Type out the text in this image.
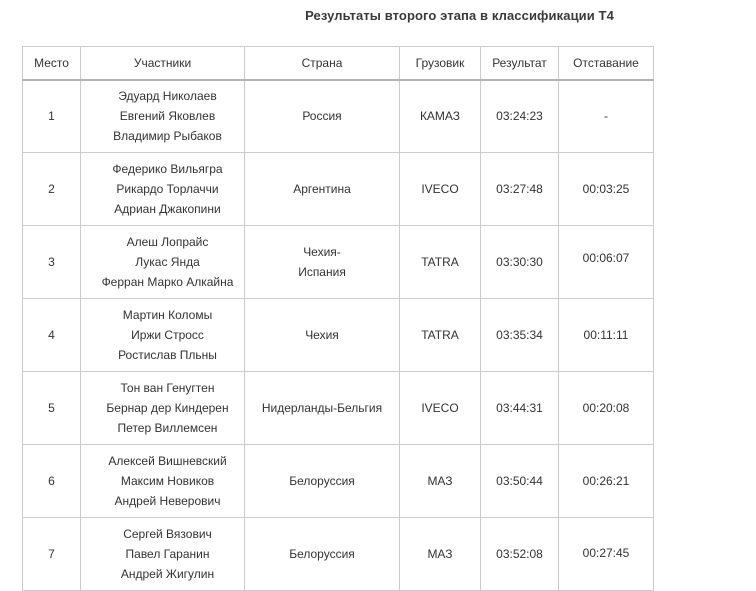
Результаты второго этапа в классификации Т4
Место	Участники	Страна	Грузовик	Результат	Отставание
1	Эдуард Николаев
Евгений Яковлев
Владимир Рыбаков	Россия	КАМАЗ	03:24:23	-
2	Федерико Вильягра
Рикардо Торлаччи
Адриан Джакопини	Аргентина	IVECO	03:27:48	00:03:25
3	Алеш Лопрайс
Лукас Янда
Ферран Марко Алкайна	Чехия-
Испания	TATRA	03:30:30	00:06:07
4	Мартин Коломы
Иржи Стросс
Ростислав Пльны	Чехия	TATRA	03:35:34	00:11:11
5	Тон ван Генугтен
Бернар дер Киндерен
Петер Виллемсен	Нидерланды-Бельгия	IVECO	03:44:31	00:20:08
6	Алексей Вишневский
Максим Новиков
Андрей Неверович	Белоруссия	МАЗ	03:50:44	00:26:21
7	Сергей Вязович
Павел Гаранин
Андрей Жигулин	Белоруссия	МАЗ	03:52:08	00:27:45
